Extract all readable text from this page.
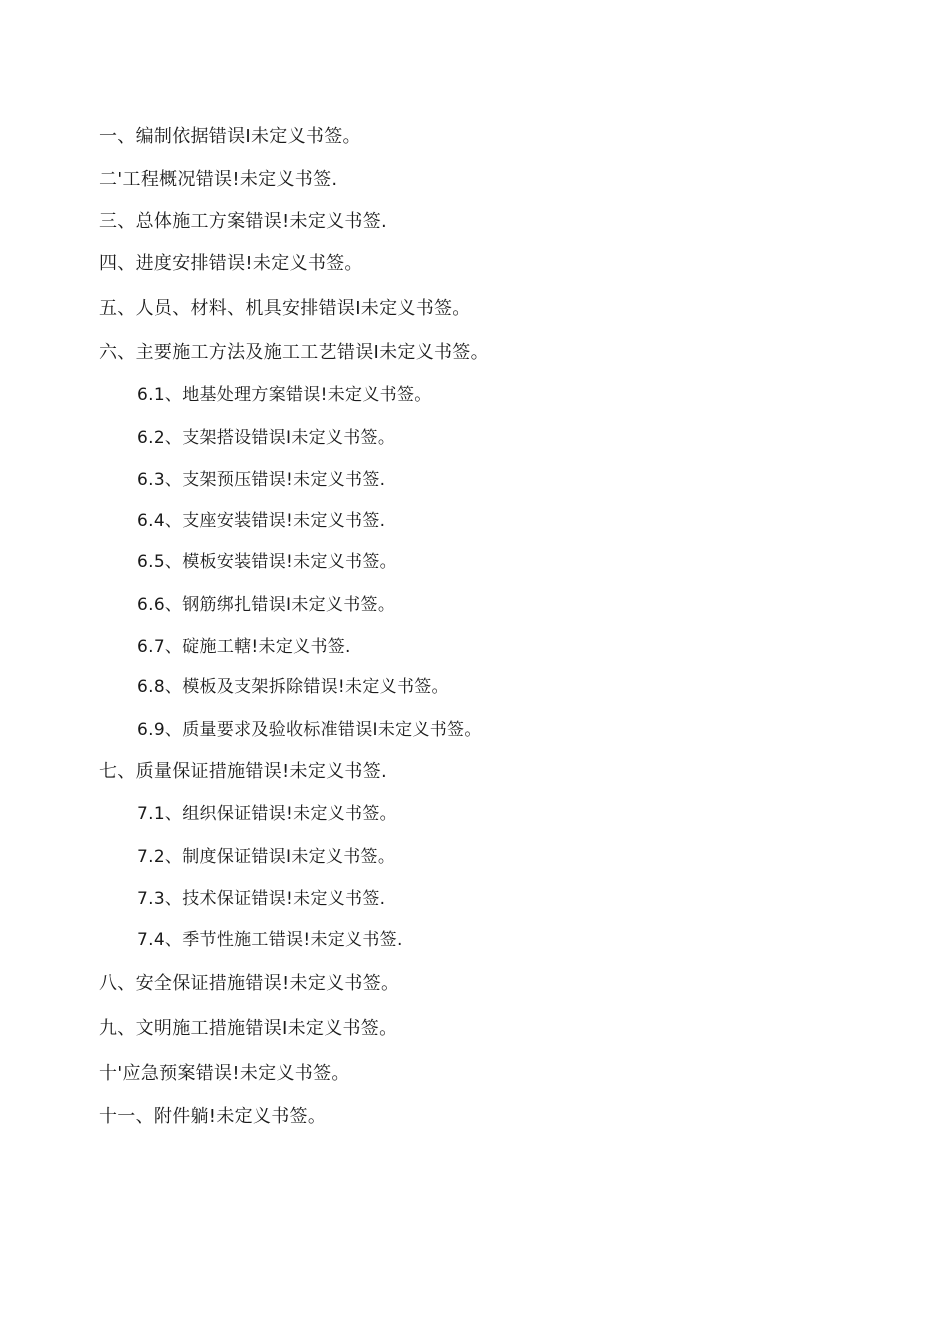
一、编制依据错误I未定义书签。
二'工程概况错误!未定义书签.
三、总体施工方案错误!未定义书签.
四、进度安排错误!未定义书签。
五、人员、材料、机具安排错误I未定义书签。
六、主要施工方法及施工工艺错误I未定义书签。
6.1、地基处理方案错误!未定义书签。
6.2、支架搭设错误I未定义书签。
6.3、支架预压错误!未定义书签.
6.4、支座安装错误!未定义书签.
6.5、模板安装错误!未定义书签。
6.6、钢筋绑扎错误I未定义书签。
6.7、碇施工轄!未定义书签.
6.8、模板及支架拆除错误!未定义书签。
6.9、质量要求及验收标准错误I未定义书签。
七、质量保证措施错误!未定义书签.
7.1、组织保证错误!未定义书签。
7.2、制度保证错误I未定义书签。
7.3、技术保证错误!未定义书签.
7.4、季节性施工错误!未定义书签.
八、安全保证措施错误!未定义书签。
九、文明施工措施错误I未定义书签。
十'应急预案错误!未定义书签。
十一、附件躺!未定义书签。
